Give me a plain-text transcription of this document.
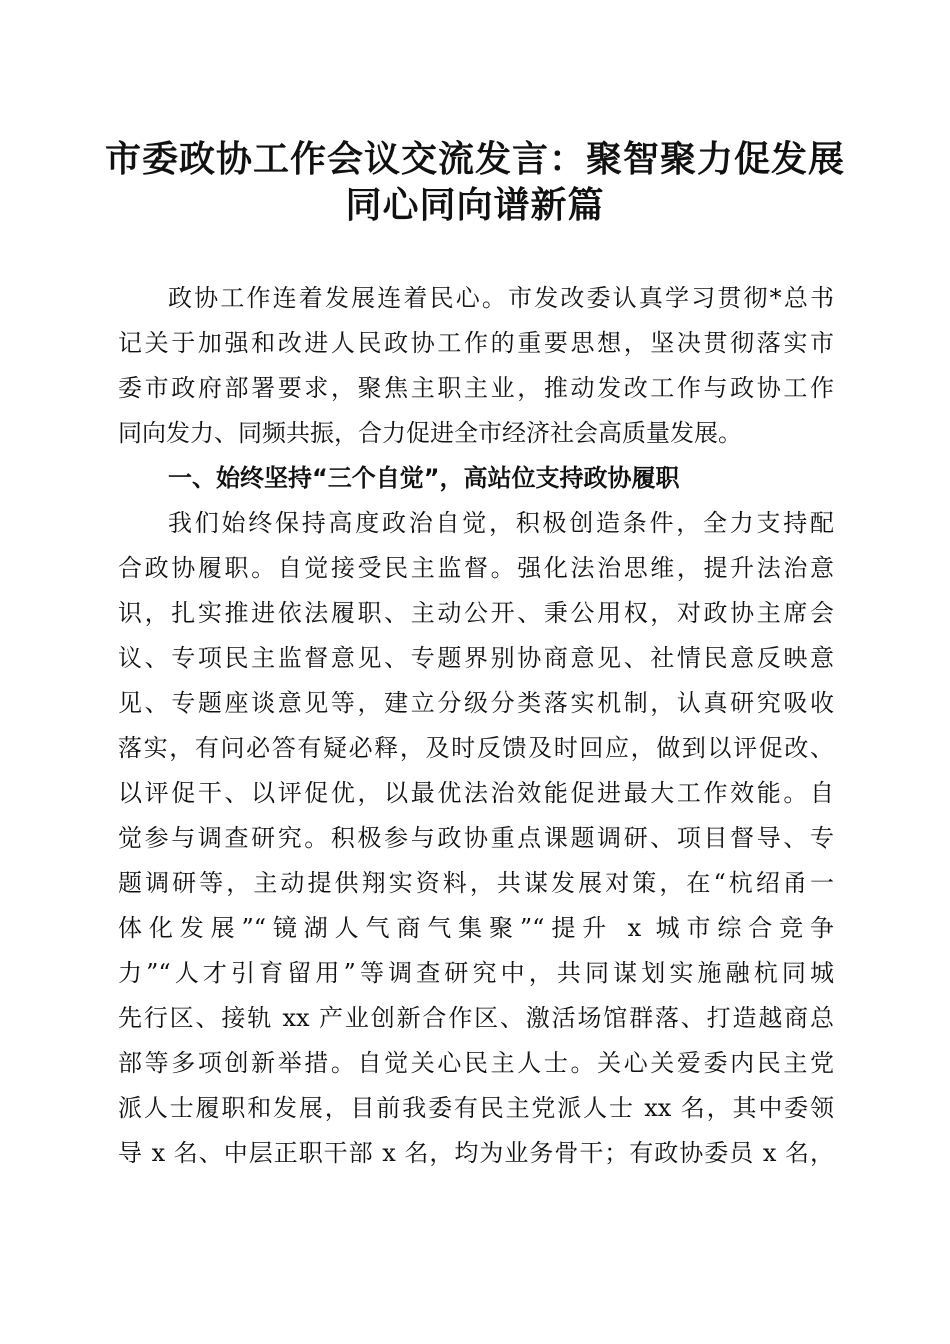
市委政协工作会议交流发言：聚智聚力促发展
同心同向谱新篇
政协工作连着发展连着民心。市发改委认真学习贯彻*总书
记关于加强和改进人民政协工作的重要思想，坚决贯彻落实市
委市政府部署要求，聚焦主职主业，推动发改工作与政协工作
同向发力、同频共振，合力促进全市经济社会高质量发展。
一、始终坚持“三个自觉”，高站位支持政协履职
我们始终保持高度政治自觉，积极创造条件，全力支持配
合政协履职。自觉接受民主监督。强化法治思维，提升法治意
识，扎实推进依法履职、主动公开、秉公用权，对政协主席会
议、专项民主监督意见、专题界别协商意见、社情民意反映意
见、专题座谈意见等，建立分级分类落实机制，认真研究吸收
落实，有问必答有疑必释，及时反馈及时回应，做到以评促改、
以评促干、以评促优，以最优法治效能促进最大工作效能。自
觉参与调查研究。积极参与政协重点课题调研、项目督导、专
题调研等，主动提供翔实资料，共谋发展对策，在“杭绍甬一
体化发展”“镜湖人气商气集聚”“提升 x 城市综合竞争
力”“人才引育留用”等调查研究中，共同谋划实施融杭同城
先行区、接轨 xx 产业创新合作区、激活场馆群落、打造越商总
部等多项创新举措。自觉关心民主人士。关心关爱委内民主党
派人士履职和发展，目前我委有民主党派人士 xx 名，其中委领
导 x 名、中层正职干部 x 名，均为业务骨干；有政协委员 x 名，
